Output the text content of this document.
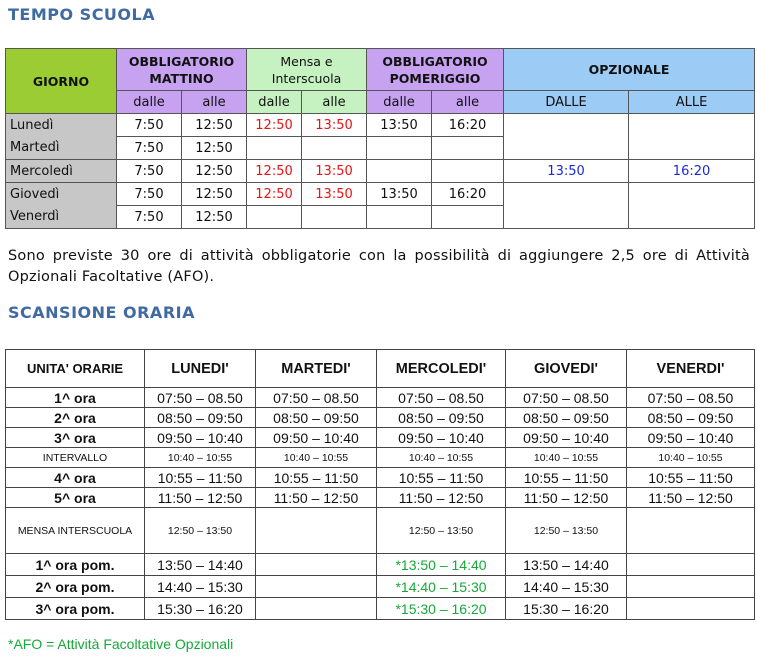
TEMPO SCUOLA
GIORNO	OBBLIGATORIO MATTINO		Mensa e
Interscuola		OBBLIGATORIO POMERIGGIO		OPZIONALE	
	dalle	alle	dalle	alle	dalle	alle	DALLE	ALLE
Lunedì	7:50	12:50	12:50	13:50	13:50	16:20		
Martedì	7:50	12:50						
Mercoledì	7:50	12:50	12:50	13:50			13:50	16:20
Giovedì	7:50	12:50	12:50	13:50	13:50	16:20		
Venerdì	7:50	12:50						
Sono previste 30 ore di attività obbligatorie con la possibilità di aggiungere 2,5 ore di Attività Opzionali Facoltative (AFO).
SCANSIONE ORARIA
UNITA' ORARIE	LUNEDI'	MARTEDI'	MERCOLEDI'	GIOVEDI'	VENERDI'
1^ ora	07:50 – 08.50	07:50 – 08.50	07:50 – 08.50	07:50 – 08.50	07:50 – 08.50
2^ ora	08:50 – 09:50	08:50 – 09:50	08:50 – 09:50	08:50 – 09:50	08:50 – 09:50
3^ ora	09:50 – 10:40	09:50 – 10:40	09:50 – 10:40	09:50 – 10:40	09:50 – 10:40
INTERVALLO	10:40 – 10:55	10:40 – 10:55	10:40 – 10:55	10:40 – 10:55	10:40 – 10:55
4^ ora	10:55 – 11:50	10:55 – 11:50	10:55 – 11:50	10:55 – 11:50	10:55 – 11:50
5^ ora	11:50 – 12:50	11:50 – 12:50	11:50 – 12:50	11:50 – 12:50	11:50 – 12:50
MENSA INTERSCUOLA	12:50 – 13:50		12:50 – 13:50	12:50 – 13:50	
1^ ora pom.	13:50 – 14:40		*13:50 – 14:40	13:50 – 14:40	
2^ ora pom.	14:40 – 15:30		*14:40 – 15:30	14:40 – 15:30	
3^ ora pom.	15:30 – 16:20		*15:30 – 16:20	15:30 – 16:20	
*AFO = Attività Facoltative Opzionali
